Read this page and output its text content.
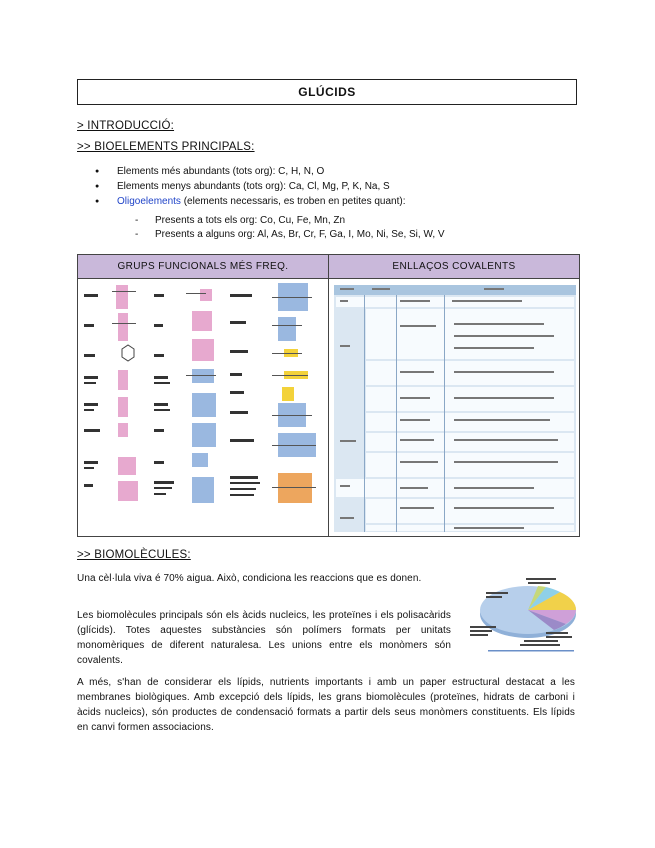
GLÚCIDS
> INTRODUCCIÓ:
>> BIOELEMENTS PRINCIPALS:
● Elements més abundants (tots org): C, H, N, O
● Elements menys abundants (tots org): Ca, Cl, Mg, P, K, Na, S
● Oligoelements (elements necessaris, es troben en petites quant):
- Presents a tots els org: Co, Cu, Fe, Mn, Zn
- Presents a alguns org: Al, As, Br, Cr, F, Ga, I, Mo, Ni, Se, Si, W, V
GRUPS FUNCIONALS MÉS FREQ.	ENLLAÇOS COVALENTS
>> BIOMOLÈCULES:
Una cèl·lula viva é 70% aigua. Això, condiciona les reaccions que es donen.
Les biomolècules principals són els àcids nucleics, les proteïnes i els polisacàrids (glícids). Totes aquestes substàncies són polímers formats per unitats monomèriques de diferent naturalesa. Les unions entre els monòmers són covalents.
A més, s'han de considerar els lípids, nutrients importants i amb un paper estructural destacat a les membranes biològiques. Amb excepció dels lípids, les grans biomolècules (proteïnes, hidrats de carboni i àcids nucleics), són productes de condensació formats a partir dels seus monòmers constituents. Els lípids en canvi formen associacions.
